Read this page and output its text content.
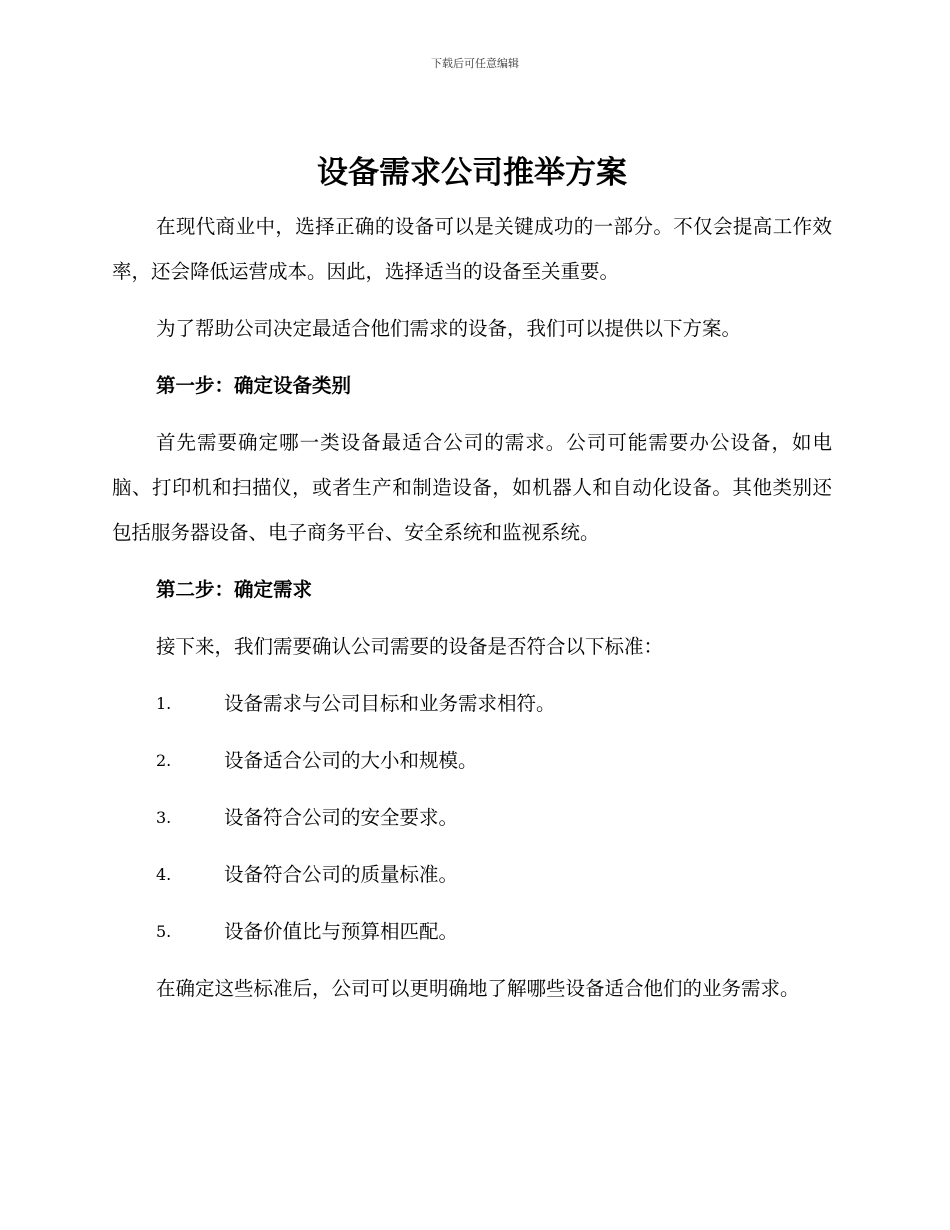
下载后可任意编辑
设备需求公司推举方案

在现代商业中，选择正确的设备可以是关键成功的一部分。不仅会提高工作效率，还会降低运营成本。因此，选择适当的设备至关重要。

为了帮助公司决定最适合他们需求的设备，我们可以提供以下方案。

第一步：确定设备类别

首先需要确定哪一类设备最适合公司的需求。公司可能需要办公设备，如电脑、打印机和扫描仪，或者生产和制造设备，如机器人和自动化设备。其他类别还包括服务器设备、电子商务平台、安全系统和监视系统。

第二步：确定需求

接下来，我们需要确认公司需要的设备是否符合以下标准：

1.	设备需求与公司目标和业务需求相符。
2.	设备适合公司的大小和规模。
3.	设备符合公司的安全要求。
4.	设备符合公司的质量标准。
5.	设备价值比与预算相匹配。

在确定这些标准后，公司可以更明确地了解哪些设备适合他们的业务需求。
